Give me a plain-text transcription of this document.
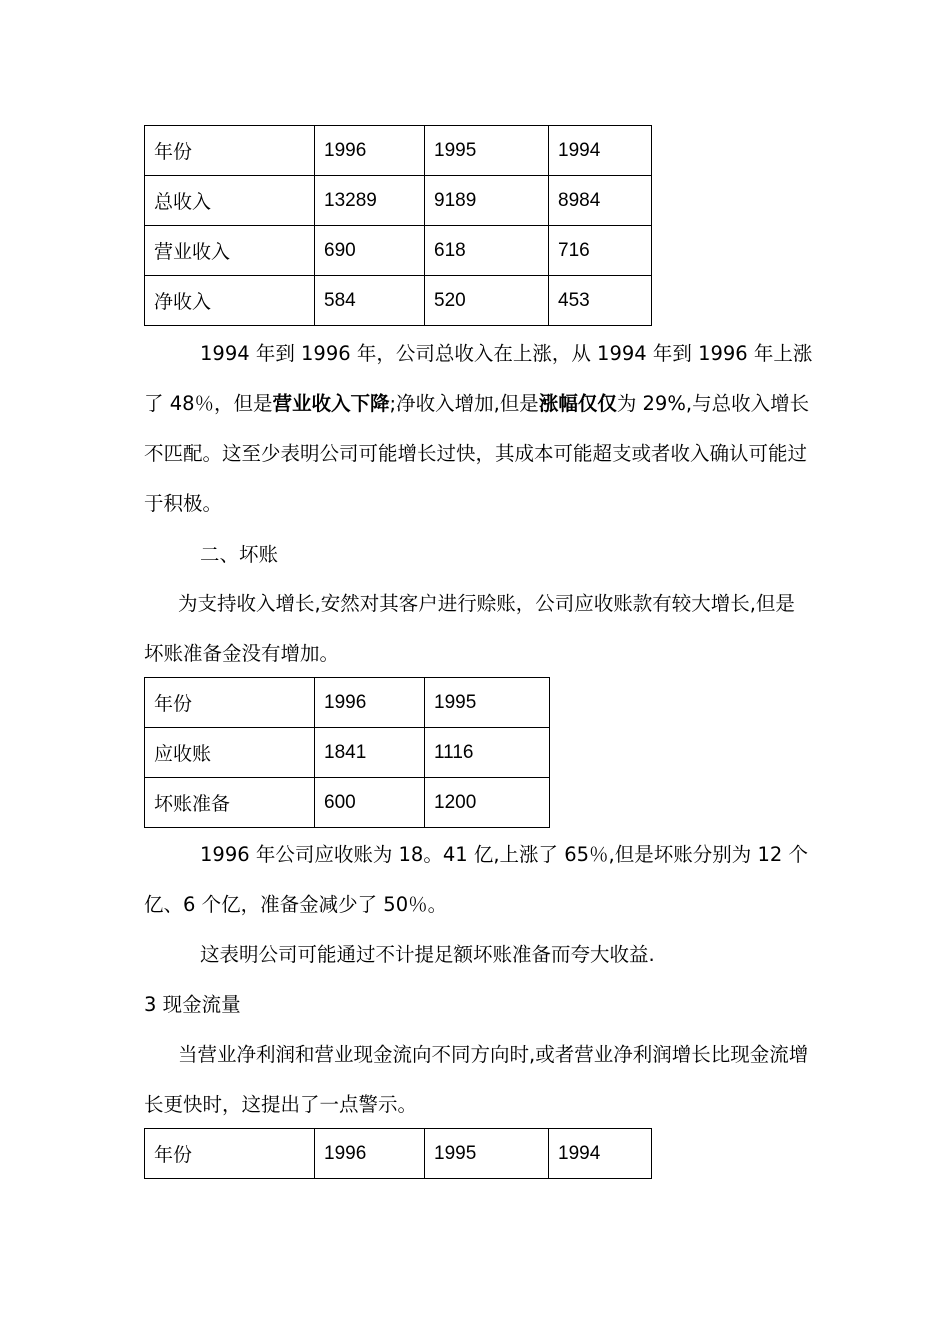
年份	1996	1995	1994
总收入	13289	9189	8984
营业收入	690	618	716
净收入	584	520	453

1994 年到 1996 年，公司总收入在上涨，从 1994 年到 1996 年上涨了 48％，但是营业收入下降;净收入增加,但是涨幅仅仅为 29%,与总收入增长不匹配。这至少表明公司可能增长过快，其成本可能超支或者收入确认可能过于积极。

二、坏账

为支持收入增长,安然对其客户进行赊账，公司应收账款有较大增长,但是坏账准备金没有增加。

年份	1996	1995
应收账	1841	1116
坏账准备	600	1200

1996 年公司应收账为 18。41 亿,上涨了 65％,但是坏账分别为 12 个亿、6 个亿，准备金减少了 50％。

这表明公司可能通过不计提足额坏账准备而夸大收益.

3 现金流量

当营业净利润和营业现金流向不同方向时,或者营业净利润增长比现金流增长更快时，这提出了一点警示。

年份	1996	1995	1994
